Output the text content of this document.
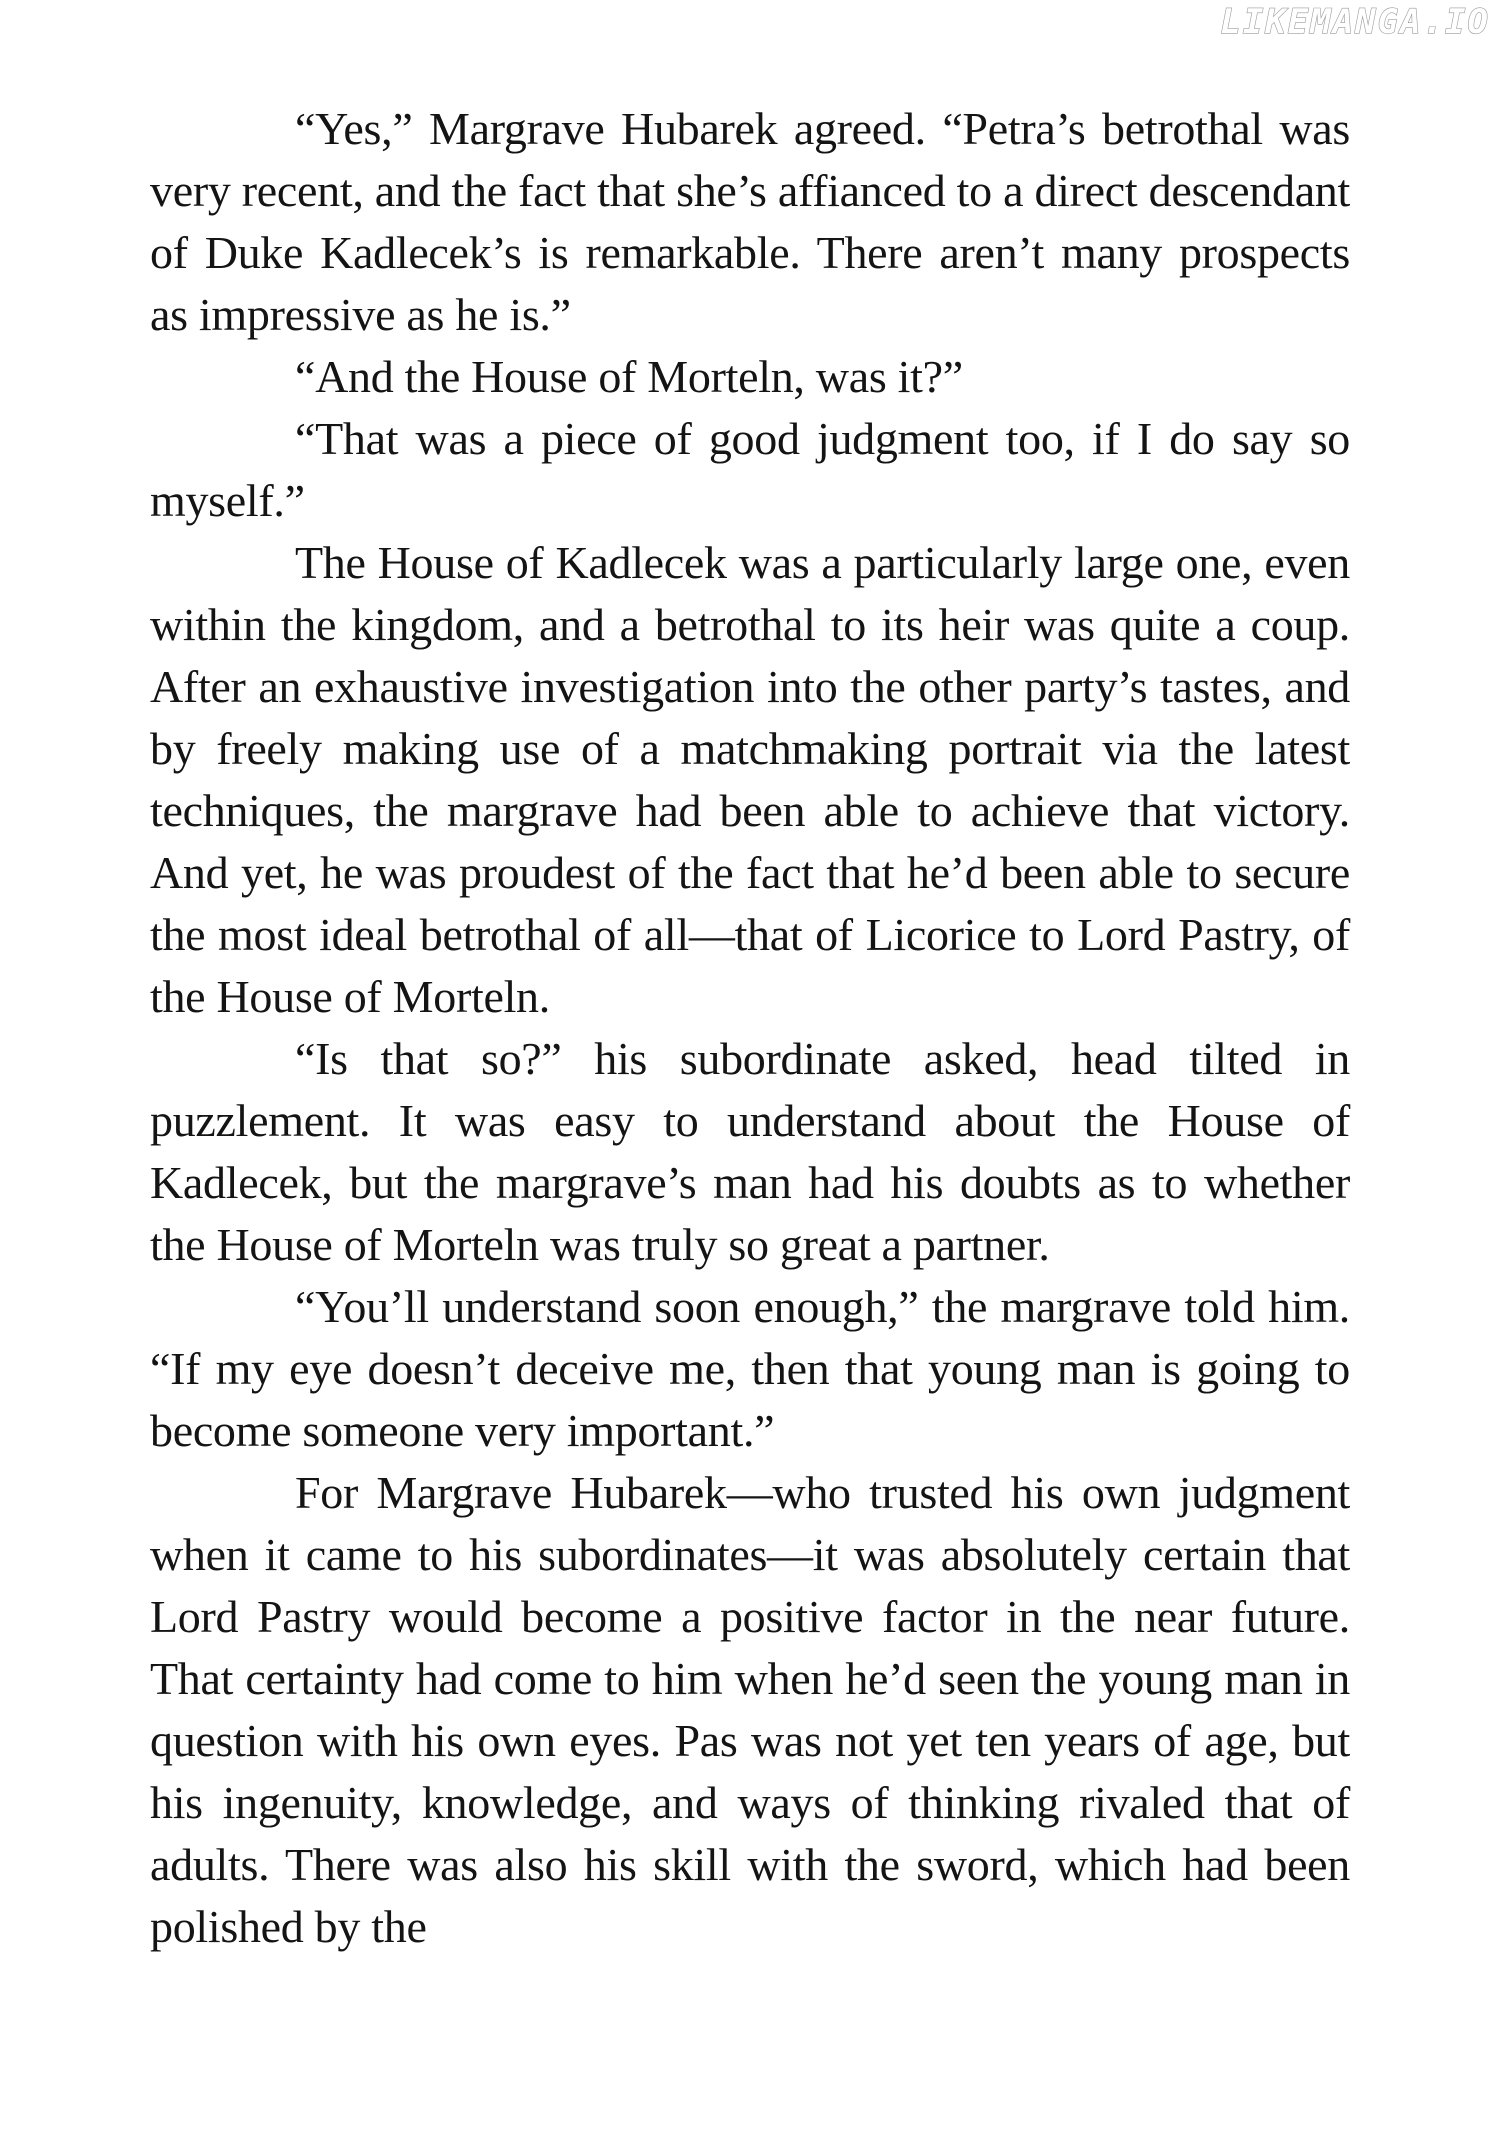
LIKEMANGA.IO

“Yes,” Margrave Hubarek agreed. “Petra’s betrothal was very recent, and the fact that she’s affianced to a direct descendant of Duke Kadlecek’s is remarkable. There aren’t many prospects as impressive as he is.”

“And the House of Morteln, was it?”

“That was a piece of good judgment too, if I do say so myself.”

The House of Kadlecek was a particularly large one, even within the kingdom, and a betrothal to its heir was quite a coup. After an exhaustive investigation into the other party’s tastes, and by freely making use of a matchmaking portrait via the latest techniques, the margrave had been able to achieve that victory. And yet, he was proudest of the fact that he’d been able to secure the most ideal betrothal of all—that of Licorice to Lord Pastry, of the House of Morteln.

“Is that so?” his subordinate asked, head tilted in puzzlement. It was easy to understand about the House of Kadlecek, but the margrave’s man had his doubts as to whether the House of Morteln was truly so great a partner.

“You’ll understand soon enough,” the margrave told him. “If my eye doesn’t deceive me, then that young man is going to become someone very important.”

For Margrave Hubarek—who trusted his own judgment when it came to his subordinates—it was absolutely certain that Lord Pastry would become a positive factor in the near future. That certainty had come to him when he’d seen the young man in question with his own eyes. Pas was not yet ten years of age, but his ingenuity, knowledge, and ways of thinking rivaled that of adults. There was also his skill with the sword, which had been polished by the
